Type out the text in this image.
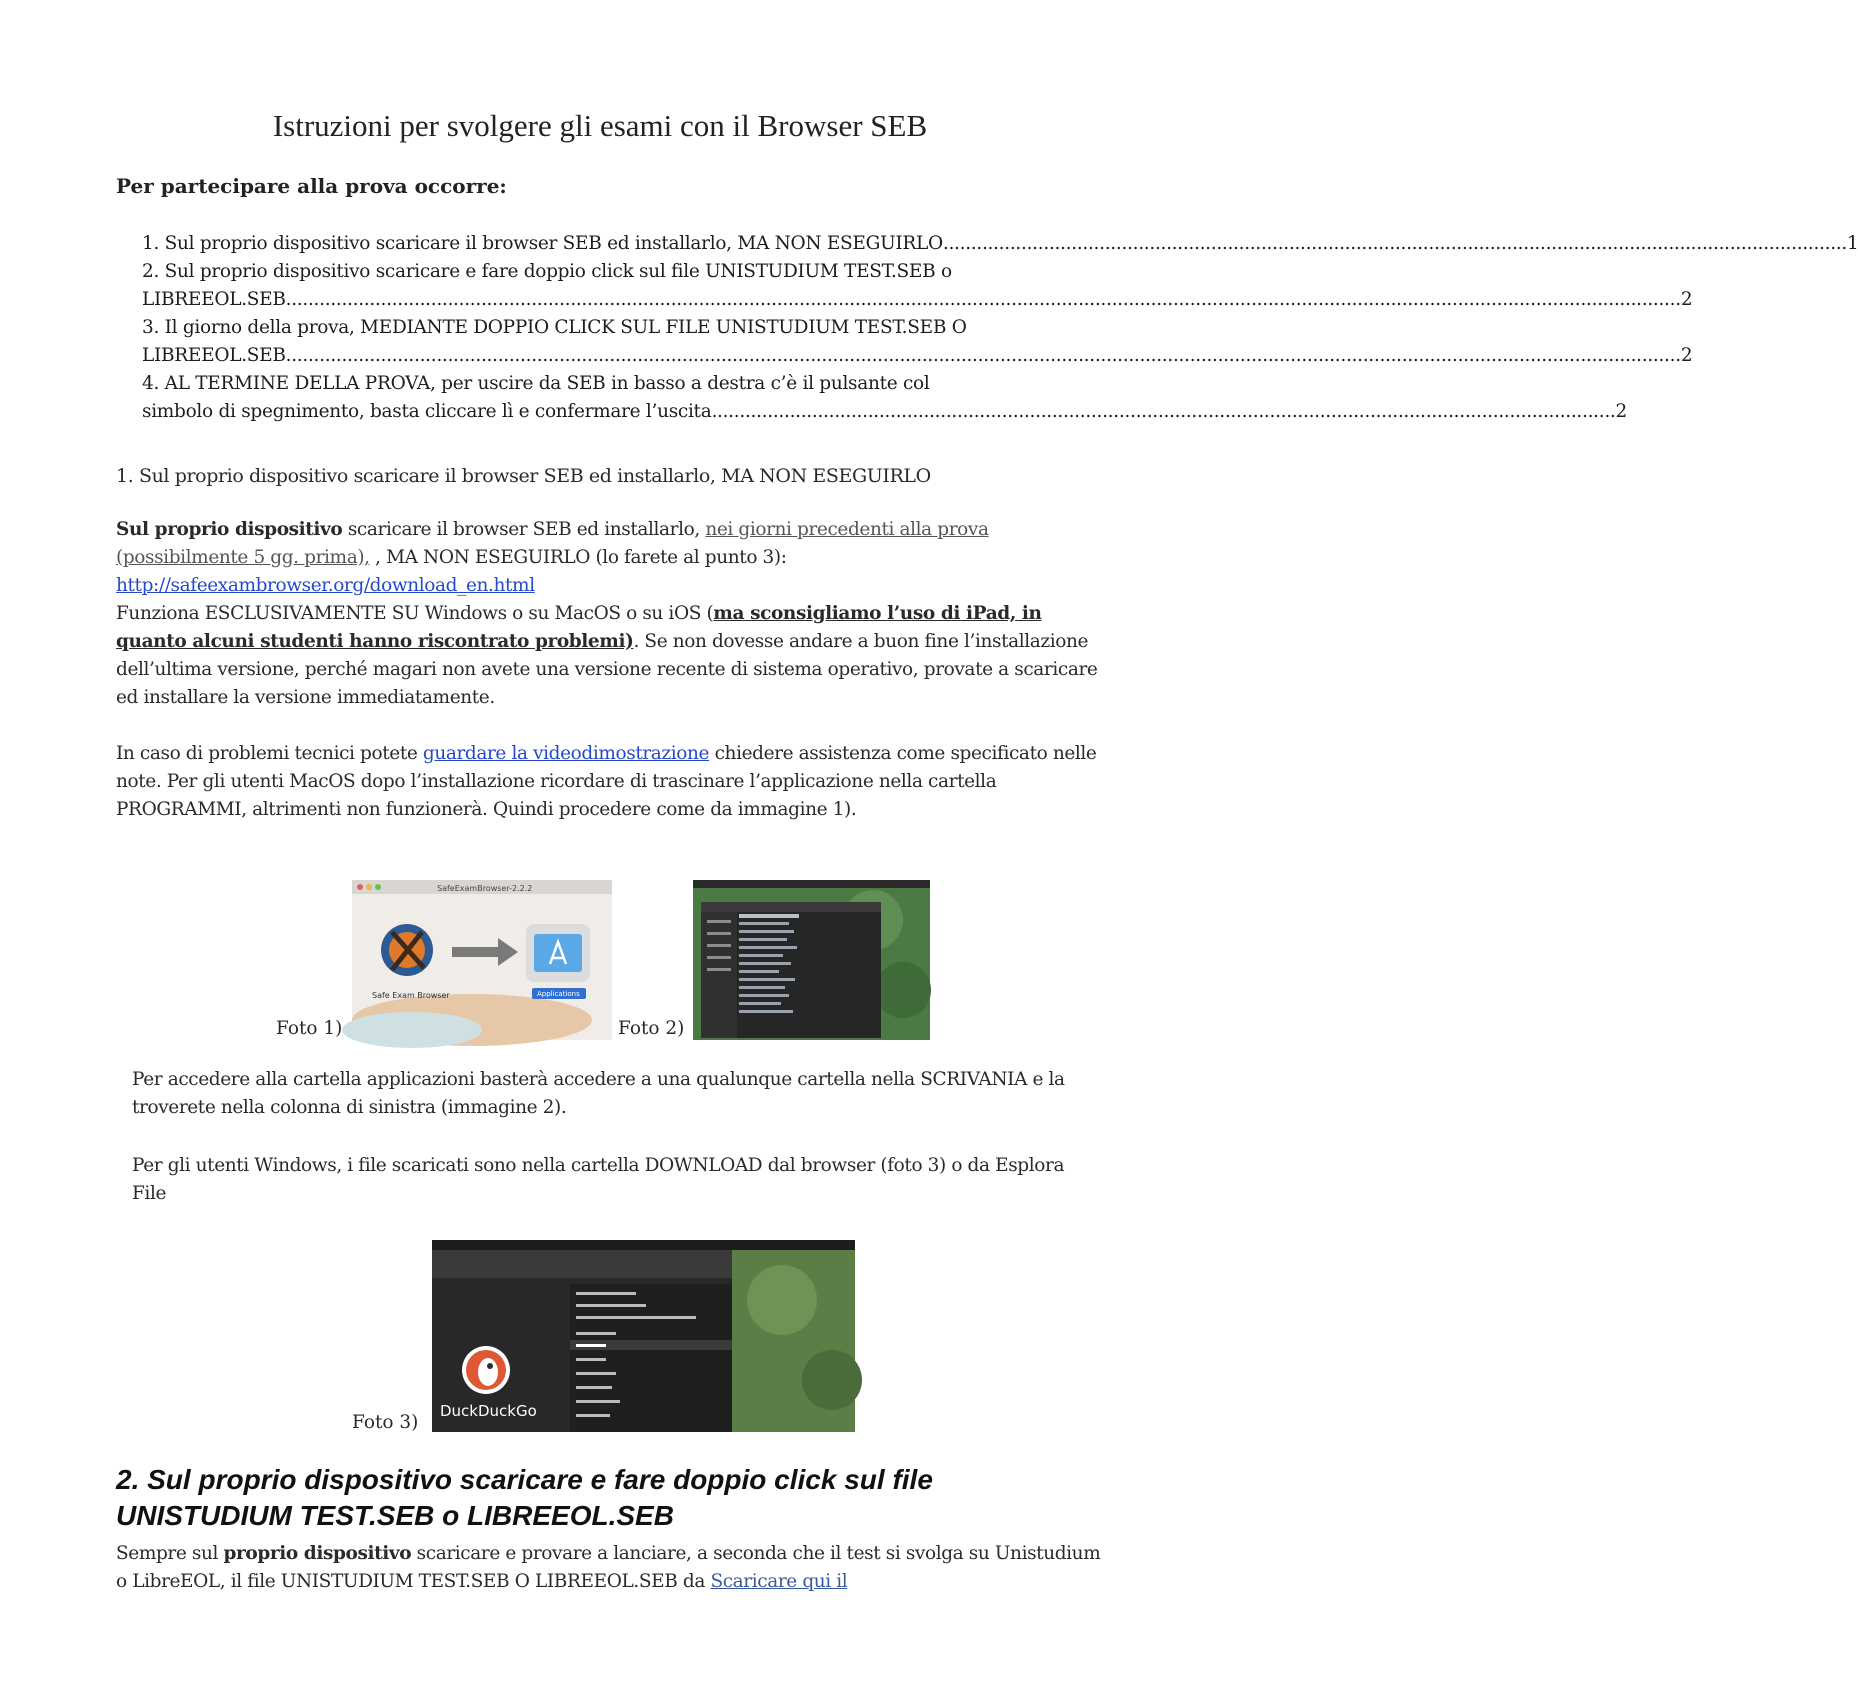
Istruzioni per svolgere gli esami con il Browser SEB
Per partecipare alla prova occorre:
1. Sul proprio dispositivo scaricare il browser SEB ed installarlo, MA NON ESEGUIRLO .................................................................................................................................................................. 1
2. Sul proprio dispositivo scaricare e fare doppio click sul file UNISTUDIUM TEST.SEB o
LIBREEOL.SEB .......................................................................................................................................................................................................................................................... 2
3. Il giorno della prova, MEDIANTE DOPPIO CLICK SUL FILE UNISTUDIUM TEST.SEB O
LIBREEOL.SEB .......................................................................................................................................................................................................................................................... 2
4. AL TERMINE DELLA PROVA, per uscire da SEB in basso a destra c’è il pulsante col
simbolo di spegnimento, basta cliccare lì e confermare l’uscita .................................................................................................................................................................. 2
1. Sul proprio dispositivo scaricare il browser SEB ed installarlo, MA NON ESEGUIRLO
Sul proprio dispositivo scaricare il browser SEB ed installarlo, nei giorni precedenti alla prova (possibilmente 5 gg. prima), , MA NON ESEGUIRLO (lo farete al punto 3):
http://safeexambrowser.org/download_en.html
Funziona ESCLUSIVAMENTE SU Windows o su MacOS o su iOS (ma sconsigliamo l’uso di iPad, in quanto alcuni studenti hanno riscontrato problemi). Se non dovesse andare a buon fine l’installazione dell’ultima versione, perché magari non avete una versione recente di sistema operativo, provate a scaricare ed installare la versione immediatamente.
In caso di problemi tecnici potete guardare la videodimostrazione chiedere assistenza come specificato nelle note. Per gli utenti MacOS dopo l’installazione ricordare di trascinare l’applicazione nella cartella PROGRAMMI, altrimenti non funzionerà. Quindi procedere come da immagine 1).
Foto 1)
SafeExamBrowser-2.2.2
Safe Exam Browser	Applications
Foto 2)
Per accedere alla cartella applicazioni basterà accedere a una qualunque cartella nella SCRIVANIA e la troverete nella colonna di sinistra (immagine 2).
Per gli utenti Windows, i file scaricati sono nella cartella DOWNLOAD dal browser (foto 3) o da Esplora File
Foto 3)
DuckDuckGo
2. Sul proprio dispositivo scaricare e fare doppio click sul file UNISTUDIUM TEST.SEB o LIBREEOL.SEB
Sempre sul proprio dispositivo scaricare e provare a lanciare, a seconda che il test si svolga su Unistudium o LibreEOL, il file UNISTUDIUM TEST.SEB O LIBREEOL.SEB da Scaricare qui il
